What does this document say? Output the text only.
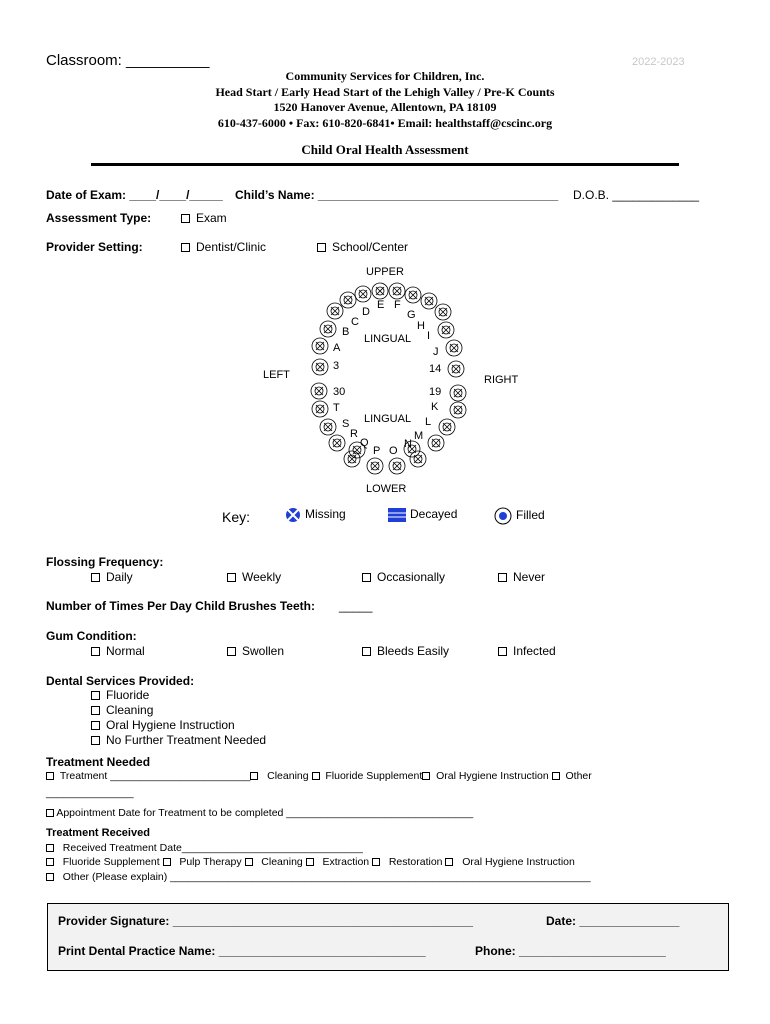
Classroom: __________	2022-2023
Community Services for Children, Inc.
Head Start / Early Head Start of the Lehigh Valley / Pre-K Counts
1520 Hanover Avenue, Allentown, PA 18109
610-437-6000 • Fax: 610-820-6841• Email: healthstaff@cscinc.org
Child Oral Health Assessment
Date of Exam: ____/____/_____ Child’s Name: ____________________________________ D.O.B. _____________
Assessment Type:	Exam
Provider Setting:	Dentist/Clinic	School/Center
UPPER
LOWER
LEFT	RIGHT
LINGUAL
LINGUAL
A
B
C
D
E F
G
H
I
J
K
L
M
N
O
P
Q
R
S
T
3	14
19
30
Key:	Missing	Decayed	Filled
Flossing Frequency:
Daily	Weekly	Occasionally	Never
Number of Times Per Day Child Brushes Teeth: _____
Gum Condition:
Normal	Swollen	Bleeds Easily	Infected
Dental Services Provided:
Fluoride
Cleaning
Oral Hygiene Instruction
No Further Treatment Needed
Treatment Needed
Treatment ________________________ Cleaning Fluoride Supplement Oral Hygiene Instruction Other
_______________
Appointment Date for Treatment to be completed ________________________________
Treatment Received
Received Treatment Date_______________________________
Fluoride Supplement Pulp Therapy Cleaning Extraction Restoration Oral Hygiene Instruction
Other (Please explain) ________________________________________________________________________
Provider Signature: _____________________________________________	Date: _______________
Print Dental Practice Name: _______________________________	Phone: ______________________
